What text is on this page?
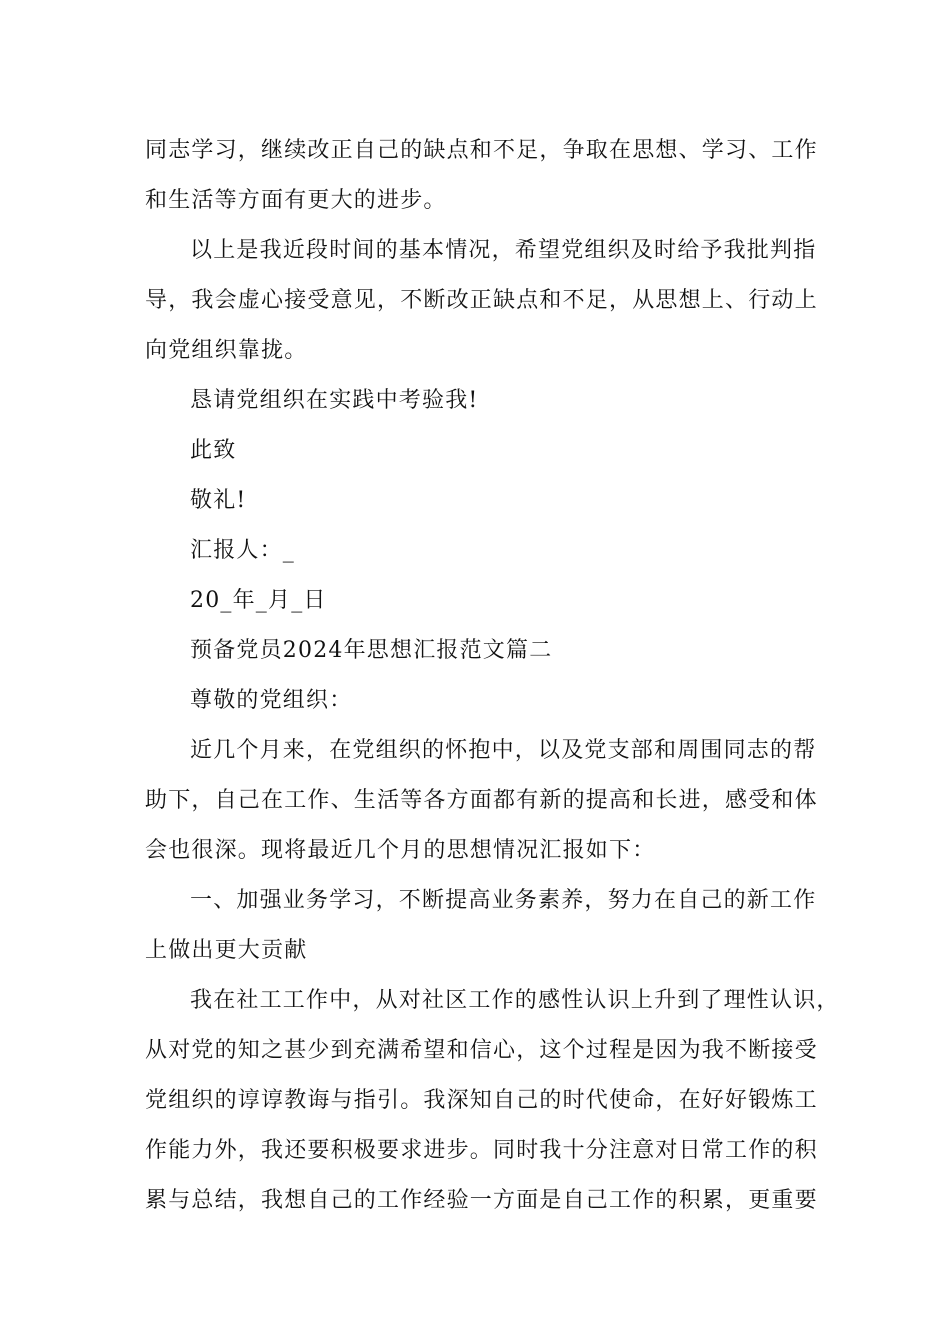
同志学习，继续改正自己的缺点和不足，争取在思想、学习、工作
和生活等方面有更大的进步。
以上是我近段时间的基本情况，希望党组织及时给予我批判指
导，我会虚心接受意见，不断改正缺点和不足，从思想上、行动上
向党组织靠拢。
恳请党组织在实践中考验我!
此致
敬礼!
汇报人：_
20_年_月_日
预备党员2024年思想汇报范文篇二
尊敬的党组织：
近几个月来，在党组织的怀抱中，以及党支部和周围同志的帮
助下，自己在工作、生活等各方面都有新的提高和长进，感受和体
会也很深。现将最近几个月的思想情况汇报如下：
一、加强业务学习，不断提高业务素养，努力在自己的新工作
上做出更大贡献
我在社工工作中，从对社区工作的感性认识上升到了理性认识，
从对党的知之甚少到充满希望和信心，这个过程是因为我不断接受
党组织的谆谆教诲与指引。我深知自己的时代使命，在好好锻炼工
作能力外，我还要积极要求进步。同时我十分注意对日常工作的积
累与总结，我想自己的工作经验一方面是自己工作的积累，更重要
